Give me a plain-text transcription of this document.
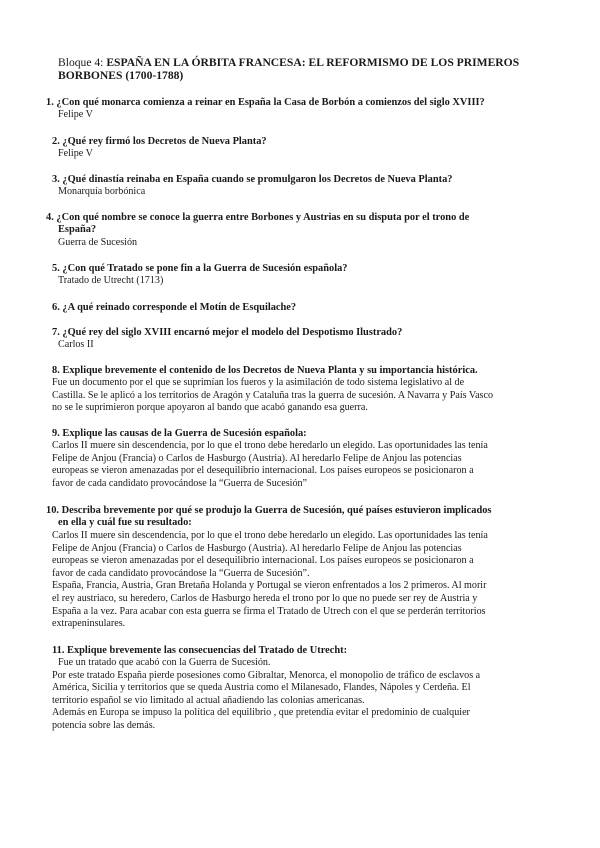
Bloque 4: ESPAÑA EN LA ÓRBITA FRANCESA: EL REFORMISMO DE LOS PRIMEROS BORBONES (1700-1788)
1. ¿Con qué monarca comienza a reinar en España la Casa de Borbón a comienzos del siglo XVIII?
Felipe V
2. ¿Qué rey firmó los Decretos de Nueva Planta?
Felipe V
3. ¿Qué dinastía reinaba en España cuando se promulgaron los Decretos de Nueva Planta?
Monarquía borbónica
4. ¿Con qué nombre se conoce la guerra entre Borbones y Austrias en su disputa por el trono de
España?
Guerra de Sucesión
5. ¿Con qué Tratado se pone fin a la Guerra de Sucesión española?
Tratado de Utrecht (1713)
6. ¿A qué reinado corresponde el Motín de Esquilache?
7. ¿Qué rey del siglo XVIII encarnó mejor el modelo del Despotismo Ilustrado?
Carlos II
8. Explique brevemente el contenido de los Decretos de Nueva Planta y su importancia histórica.
Fue un documento por el que se suprimían los fueros y la asimilación de todo sistema legislativo al de
Castilla. Se le aplicó a los territorios de Aragón y Cataluña tras la guerra de sucesión. A Navarra y País Vasco
no se le suprimieron porque apoyaron al bando que acabó ganando esa guerra.
9. Explique las causas de la Guerra de Sucesión española:
Carlos II muere sin descendencia, por lo que el trono debe heredarlo un elegido. Las oportunidades las tenía
Felipe de Anjou (Francia) o Carlos de Hasburgo (Austria). Al heredarlo Felipe de Anjou las potencias
europeas se vieron amenazadas por el desequilibrio internacional. Los países europeos se posicionaron a
favor de cada candidato provocándose la “Guerra de Sucesión”
10. Describa brevemente por qué se produjo la Guerra de Sucesión, qué países estuvieron implicados
en ella y cuál fue su resultado:
Carlos II muere sin descendencia, por lo que el trono debe heredarlo un elegido. Las oportunidades las tenía
Felipe de Anjou (Francia) o Carlos de Hasburgo (Austria). Al heredarlo Felipe de Anjou las potencias
europeas se vieron amenazadas por el desequilibrio internacional. Los países europeos se posicionaron a
favor de cada candidato provocándose la “Guerra de Sucesión”.
España, Francia, Austria, Gran Bretaña Holanda y Portugal se vieron enfrentados a los 2 primeros. Al morir
el rey austriaco, su heredero, Carlos de Hasburgo hereda el trono por lo que no puede ser rey de Austria y
España a la vez. Para acabar con esta guerra se firma el Tratado de Utrech con el que se perderán territorios
extrapeninsulares.
11. Explique brevemente las consecuencias del Tratado de Utrecht:
Fue un tratado que acabó con la Guerra de Sucesión.
Por este tratado España pierde posesiones como Gibraltar, Menorca, el monopolio de tráfico de esclavos a
América, Sicilia y territorios que se queda Austria como el Milanesado, Flandes, Nápoles y Cerdeña. El
territorio español se vio limitado al actual añadiendo las colonias americanas.
Además en Europa se impuso la política del equilibrio , que pretendía evitar el predominio de cualquier
potencia sobre las demás.
